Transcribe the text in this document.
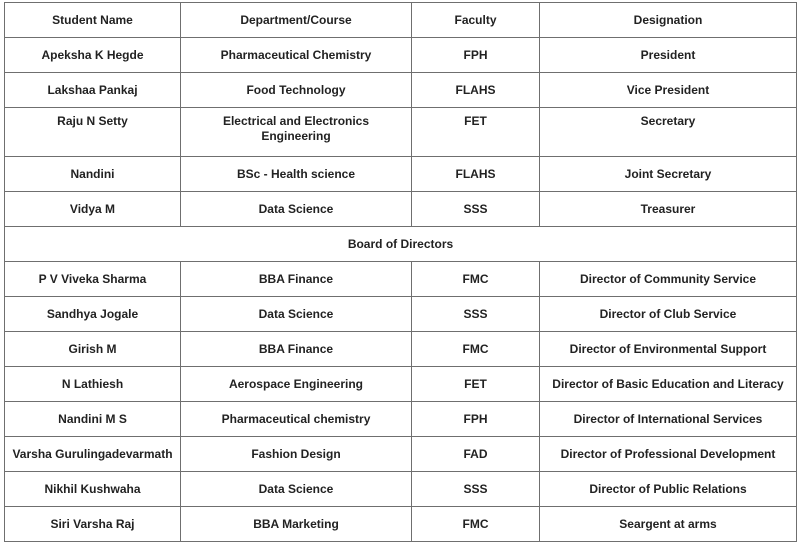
Student Name	Department/Course	Faculty	Designation
Apeksha K Hegde	Pharmaceutical Chemistry	FPH	President
Lakshaa Pankaj	Food Technology	FLAHS	Vice President
Raju N Setty	Electrical and Electronics Engineering	FET	Secretary
Nandini	BSc - Health science	FLAHS	Joint Secretary
Vidya M	Data Science	SSS	Treasurer
Board of Directors			
P V Viveka Sharma	BBA Finance	FMC	Director of Community Service
Sandhya Jogale	Data Science	SSS	Director of Club Service
Girish M	BBA Finance	FMC	Director of Environmental Support
N Lathiesh	Aerospace Engineering	FET	Director of Basic Education and Literacy
Nandini M S	Pharmaceutical chemistry	FPH	Director of International Services
Varsha Gurulingadevarmath	Fashion Design	FAD	Director of Professional Development
Nikhil Kushwaha	Data Science	SSS	Director of Public Relations
Siri Varsha Raj	BBA Marketing	FMC	Seargent at arms
